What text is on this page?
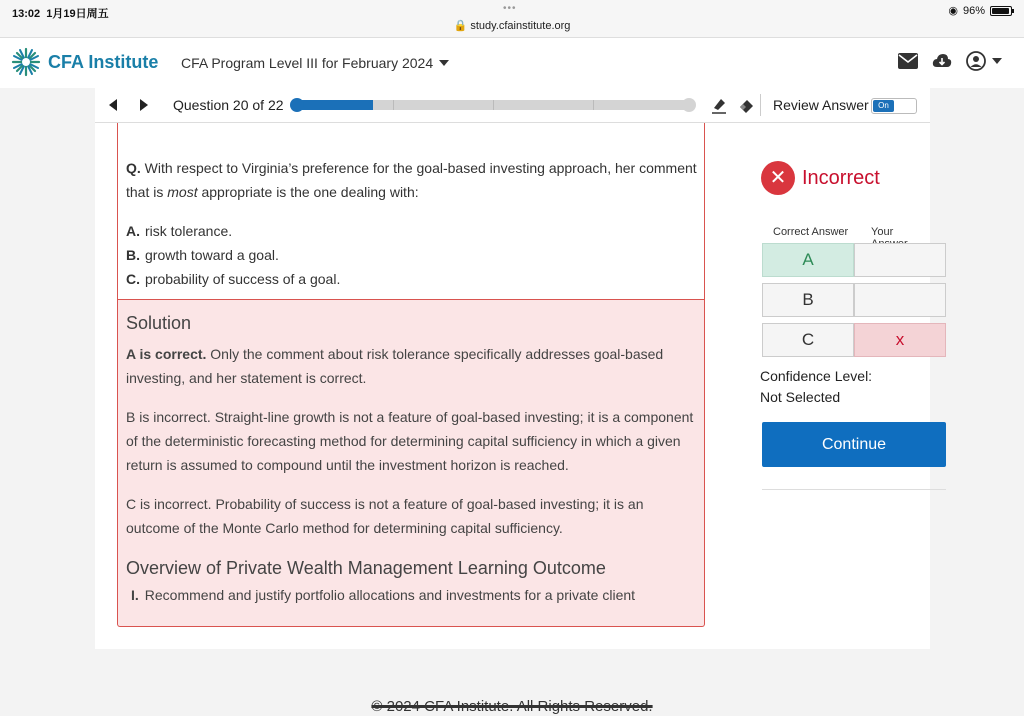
13:02 1月19日周五	•••
🔒 study.cfainstitute.org
◉ 96%
CFA Institute CFA Program Level III for February 2024
Question 20 of 22	Review Answer	On
Q. With respect to Virginia’s preference for the goal-based investing approach, her comment that is most appropriate is the one dealing with:
A. risk tolerance.
B. growth toward a goal.
C. probability of success of a goal.
Solution

A is correct. Only the comment about risk tolerance specifically addresses goal-based investing, and her statement is correct.

B is incorrect. Straight-line growth is not a feature of goal-based investing; it is a component of the deterministic forecasting method for determining capital sufficiency in which a given return is assumed to compound until the investment horizon is reached.

C is incorrect. Probability of success is not a feature of goal-based investing; it is an outcome of the Monte Carlo method for determining capital sufficiency.

Overview of Private Wealth Management Learning Outcome
I. Recommend and justify portfolio allocations and investments for a private client
✕ Incorrect
Correct Answer Your
A
B
C	x
Confidence Level:
Not Selected
Continue
© 2024 CFA Institute. All Rights Reserved.
